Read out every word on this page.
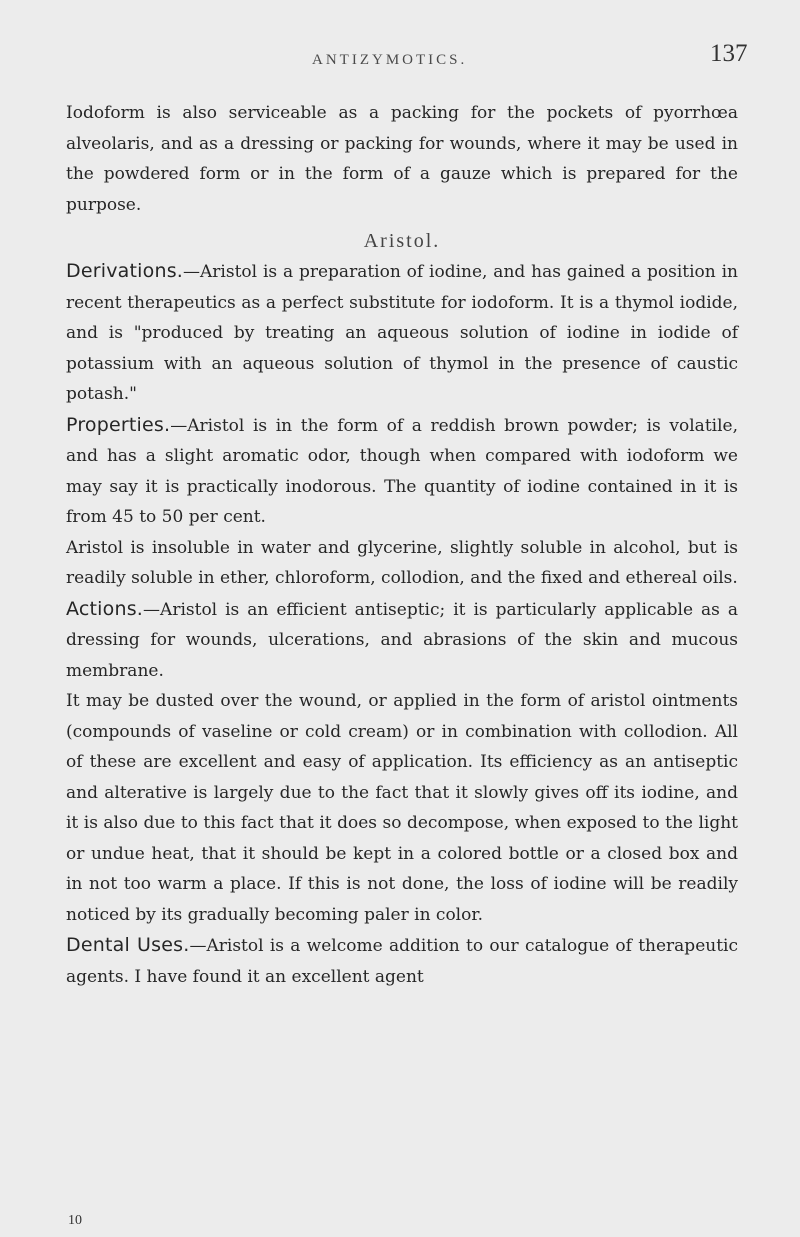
ANTIZYMOTICS.	137

Iodoform is also serviceable as a packing for the pockets of pyorrhœa alveolaris, and as a dressing or packing for wounds, where it may be used in the powdered form or in the form of a gauze which is prepared for the purpose.

Aristol.

Derivations.—Aristol is a preparation of iodine, and has gained a position in recent therapeutics as a perfect substitute for iodoform. It is a thymol iodide, and is "produced by treating an aqueous solution of iodine in iodide of potassium with an aqueous solution of thymol in the presence of caustic potash."

Properties.—Aristol is in the form of a reddish brown powder; is volatile, and has a slight aromatic odor, though when compared with iodoform we may say it is practically inodorous. The quantity of iodine contained in it is from 45 to 50 per cent.

Aristol is insoluble in water and glycerine, slightly soluble in alcohol, but is readily soluble in ether, chloroform, collodion, and the fixed and ethereal oils.

Actions.—Aristol is an efficient antiseptic; it is particularly applicable as a dressing for wounds, ulcerations, and abrasions of the skin and mucous membrane.

It may be dusted over the wound, or applied in the form of aristol ointments (compounds of vaseline or cold cream) or in combination with collodion. All of these are excellent and easy of application. Its efficiency as an antiseptic and alterative is largely due to the fact that it slowly gives off its iodine, and it is also due to this fact that it does so decompose, when exposed to the light or undue heat, that it should be kept in a colored bottle or a closed box and in not too warm a place. If this is not done, the loss of iodine will be readily noticed by its gradually becoming paler in color.

Dental Uses.—Aristol is a welcome addition to our catalogue of therapeutic agents. I have found it an excellent agent

10
